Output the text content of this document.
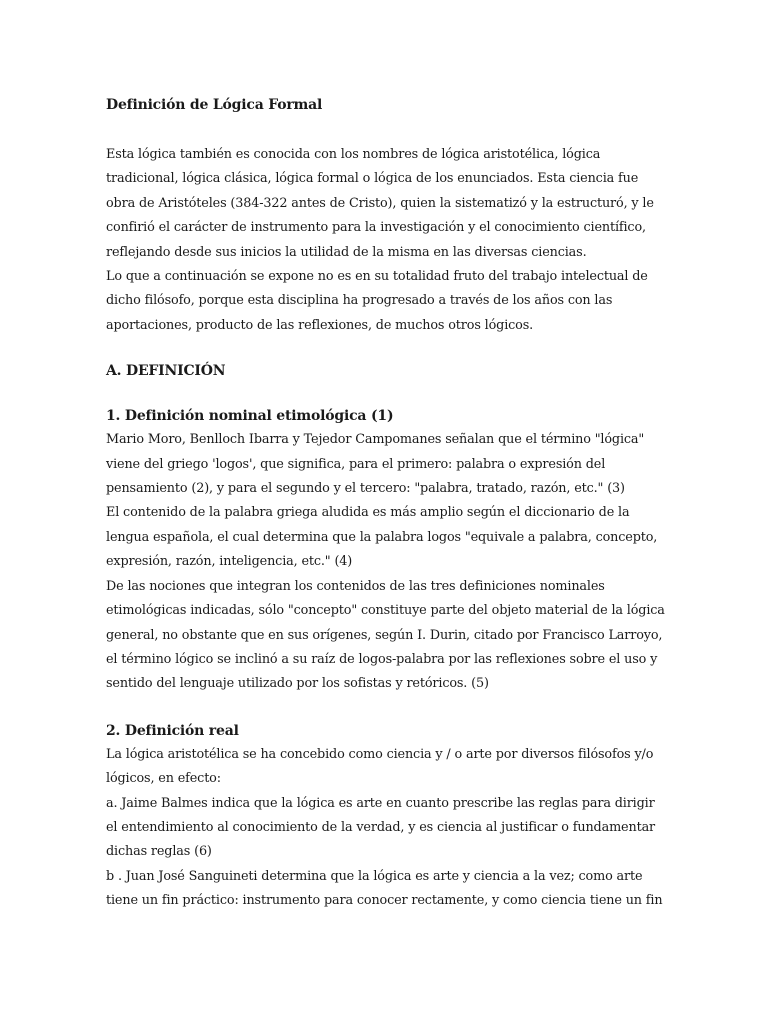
Definición de Lógica Formal

Esta lógica también es conocida con los nombres de lógica aristotélica, lógica
tradicional, lógica clásica, lógica formal o lógica de los enunciados. Esta ciencia fue
obra de Aristóteles (384-322 antes de Cristo), quien la sistematizó y la estructuró, y le
confirió el carácter de instrumento para la investigación y el conocimiento científico,
reflejando desde sus inicios la utilidad de la misma en las diversas ciencias.
Lo que a continuación se expone no es en su totalidad fruto del trabajo intelectual de
dicho filósofo, porque esta disciplina ha progresado a través de los años con las
aportaciones, producto de las reflexiones, de muchos otros lógicos.

A. DEFINICIÓN
1. Definición nominal etimológica (1)

Mario Moro, Benlloch Ibarra y Tejedor Campomanes señalan que el término "lógica"
viene del griego 'logos', que significa, para el primero: palabra o expresión del
pensamiento (2), y para el segundo y el tercero: "palabra, tratado, razón, etc." (3)
El contenido de la palabra griega aludida es más amplio según el diccionario de la
lengua española, el cual determina que la palabra logos "equivale a palabra, concepto,
expresión, razón, inteligencia, etc." (4)
De las nociones que integran los contenidos de las tres definiciones nominales
etimológicas indicadas, sólo "concepto" constituye parte del objeto material de la lógica
general, no obstante que en sus orígenes, según I. Durin, citado por Francisco Larroyo,
el término lógico se inclinó a su raíz de logos-palabra por las reflexiones sobre el uso y
sentido del lenguaje utilizado por los sofistas y retóricos. (5)

2. Definición real

La lógica aristotélica se ha concebido como ciencia y / o arte por diversos filósofos y/o
lógicos, en efecto:
a. Jaime Balmes indica que la lógica es arte en cuanto prescribe las reglas para dirigir
el entendimiento al conocimiento de la verdad, y es ciencia al justificar o fundamentar
dichas reglas (6)
b . Juan José Sanguineti determina que la lógica es arte y ciencia a la vez; como arte
tiene un fin práctico: instrumento para conocer rectamente, y como ciencia tiene un fin
